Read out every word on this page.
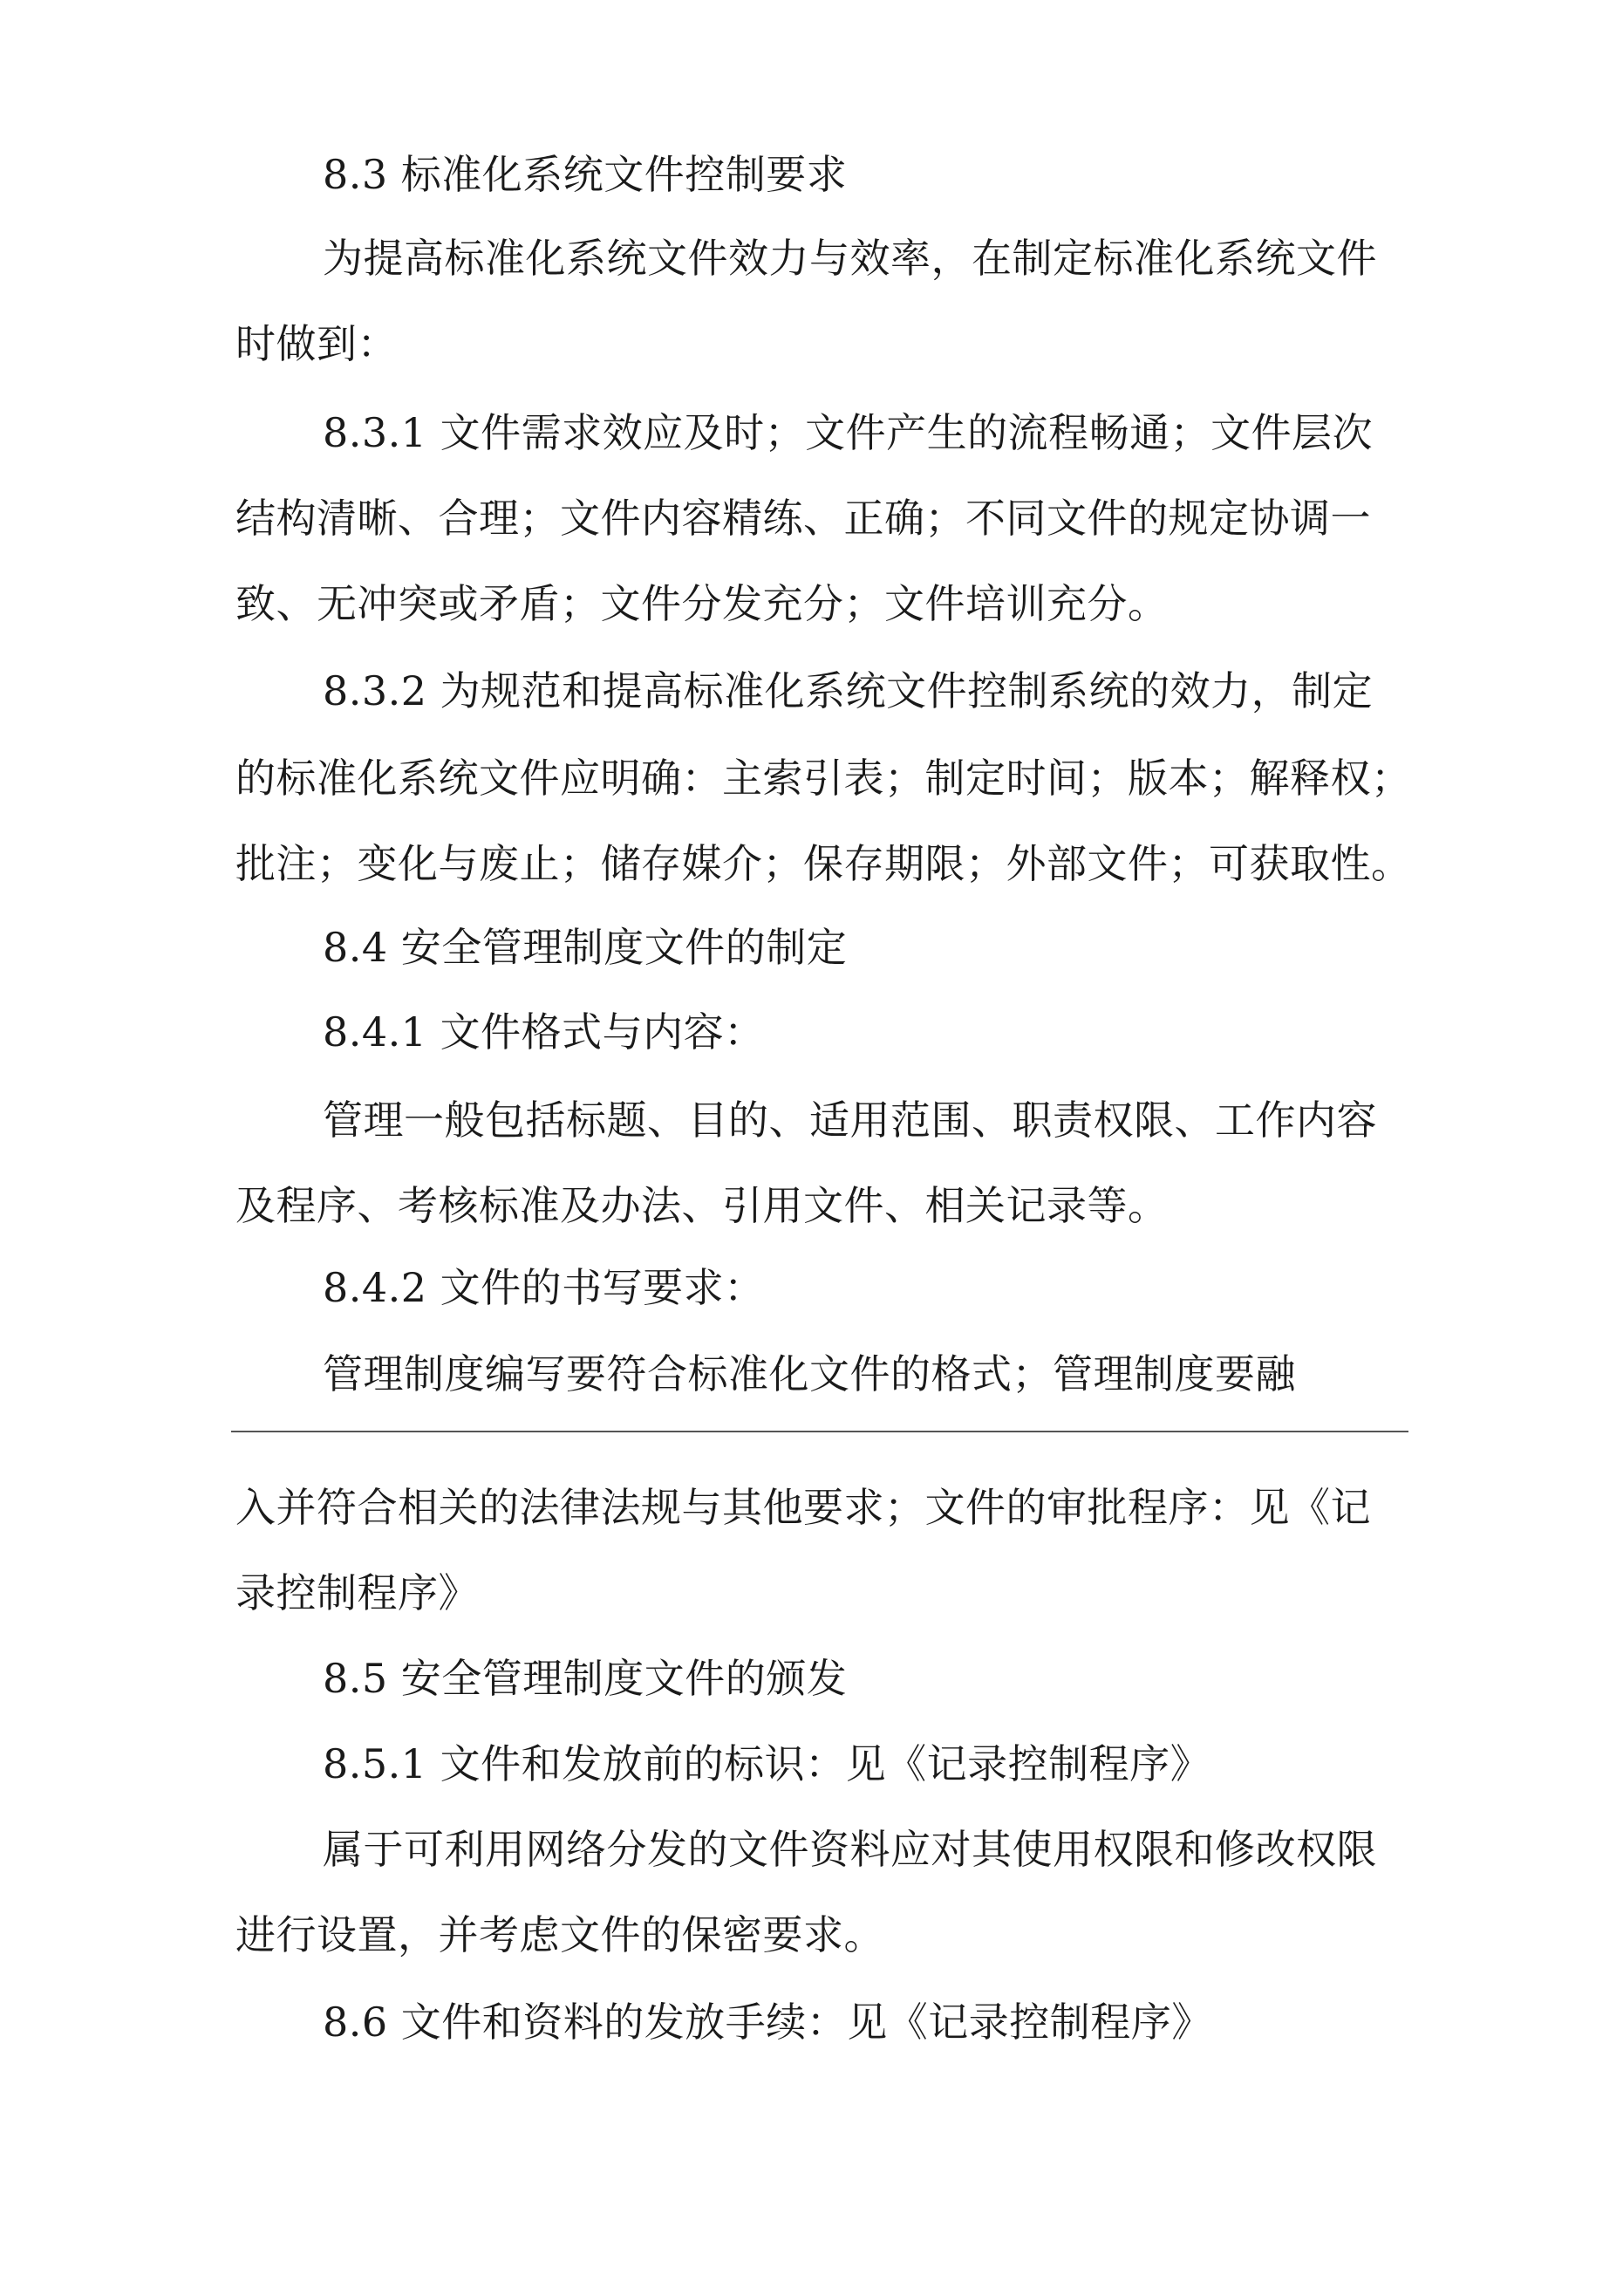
8.3 标准化系统文件控制要求
为提高标准化系统文件效力与效率，在制定标准化系统文件
时做到：
8.3.1 文件需求效应及时；文件产生的流程畅通；文件层次
结构清晰、合理；文件内容精练、正确；不同文件的规定协调一
致、无冲突或矛盾；文件分发充分；文件培训充分。
8.3.2 为规范和提高标准化系统文件控制系统的效力，制定
的标准化系统文件应明确：主索引表；制定时间；版本；解释权；
批注；变化与废止；储存媒介；保存期限；外部文件；可获取性。
8.4 安全管理制度文件的制定
8.4.1 文件格式与内容：
管理一般包括标题、目的、适用范围、职责权限、工作内容
及程序、考核标准及办法、引用文件、相关记录等。
8.4.2 文件的书写要求：
管理制度编写要符合标准化文件的格式；管理制度要融
入并符合相关的法律法规与其他要求；文件的审批程序：见《记
录控制程序》
8.5 安全管理制度文件的颁发
8.5.1 文件和发放前的标识：见《记录控制程序》
属于可利用网络分发的文件资料应对其使用权限和修改权限
进行设置，并考虑文件的保密要求。
8.6 文件和资料的发放手续：见《记录控制程序》
